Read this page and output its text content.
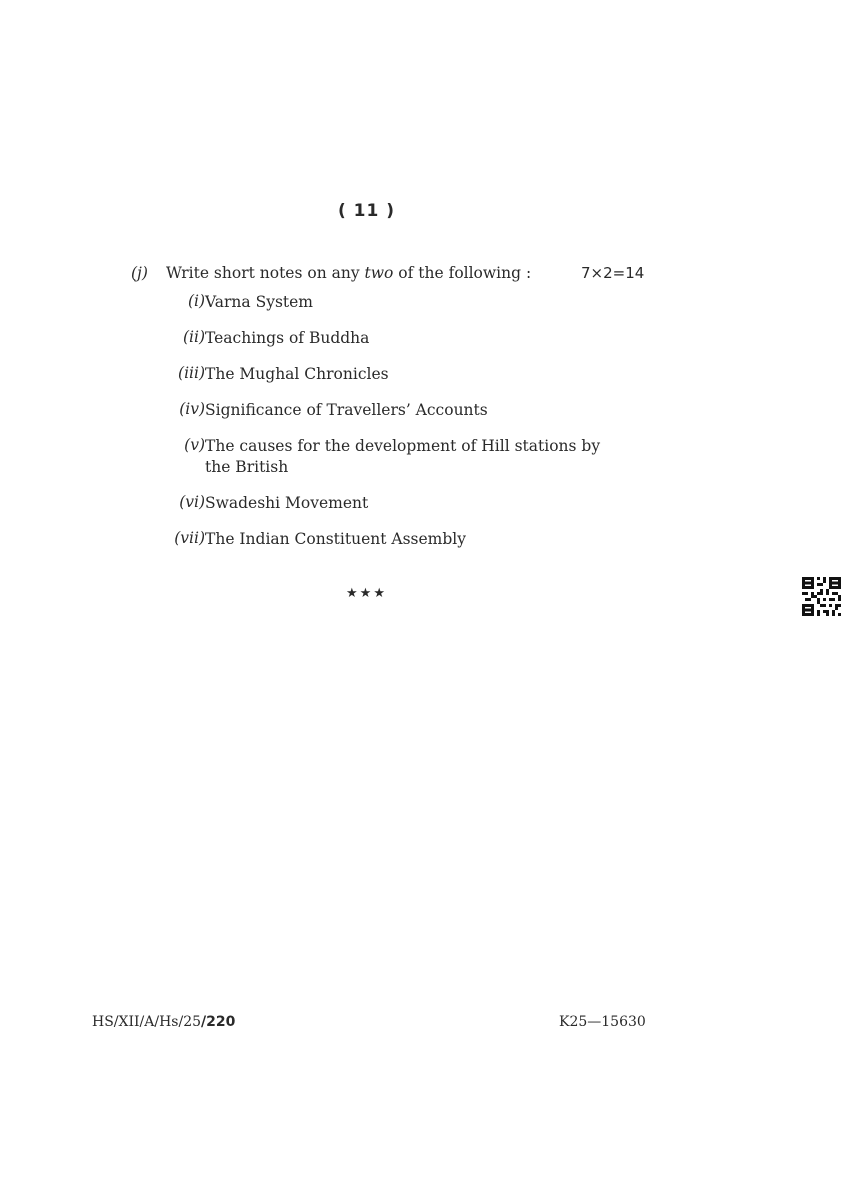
( 11 )
(j) Write short notes on any two of the following :	7×2=14
(i) Varna System
(ii) Teachings of Buddha
(iii) The Mughal Chronicles
(iv) Significance of Travellers’ Accounts
(v) The causes for the development of Hill stations by the British
(vi) Swadeshi Movement
(vii) The Indian Constituent Assembly
★★★
HS/XII/A/Hs/25/220	K25—15630
